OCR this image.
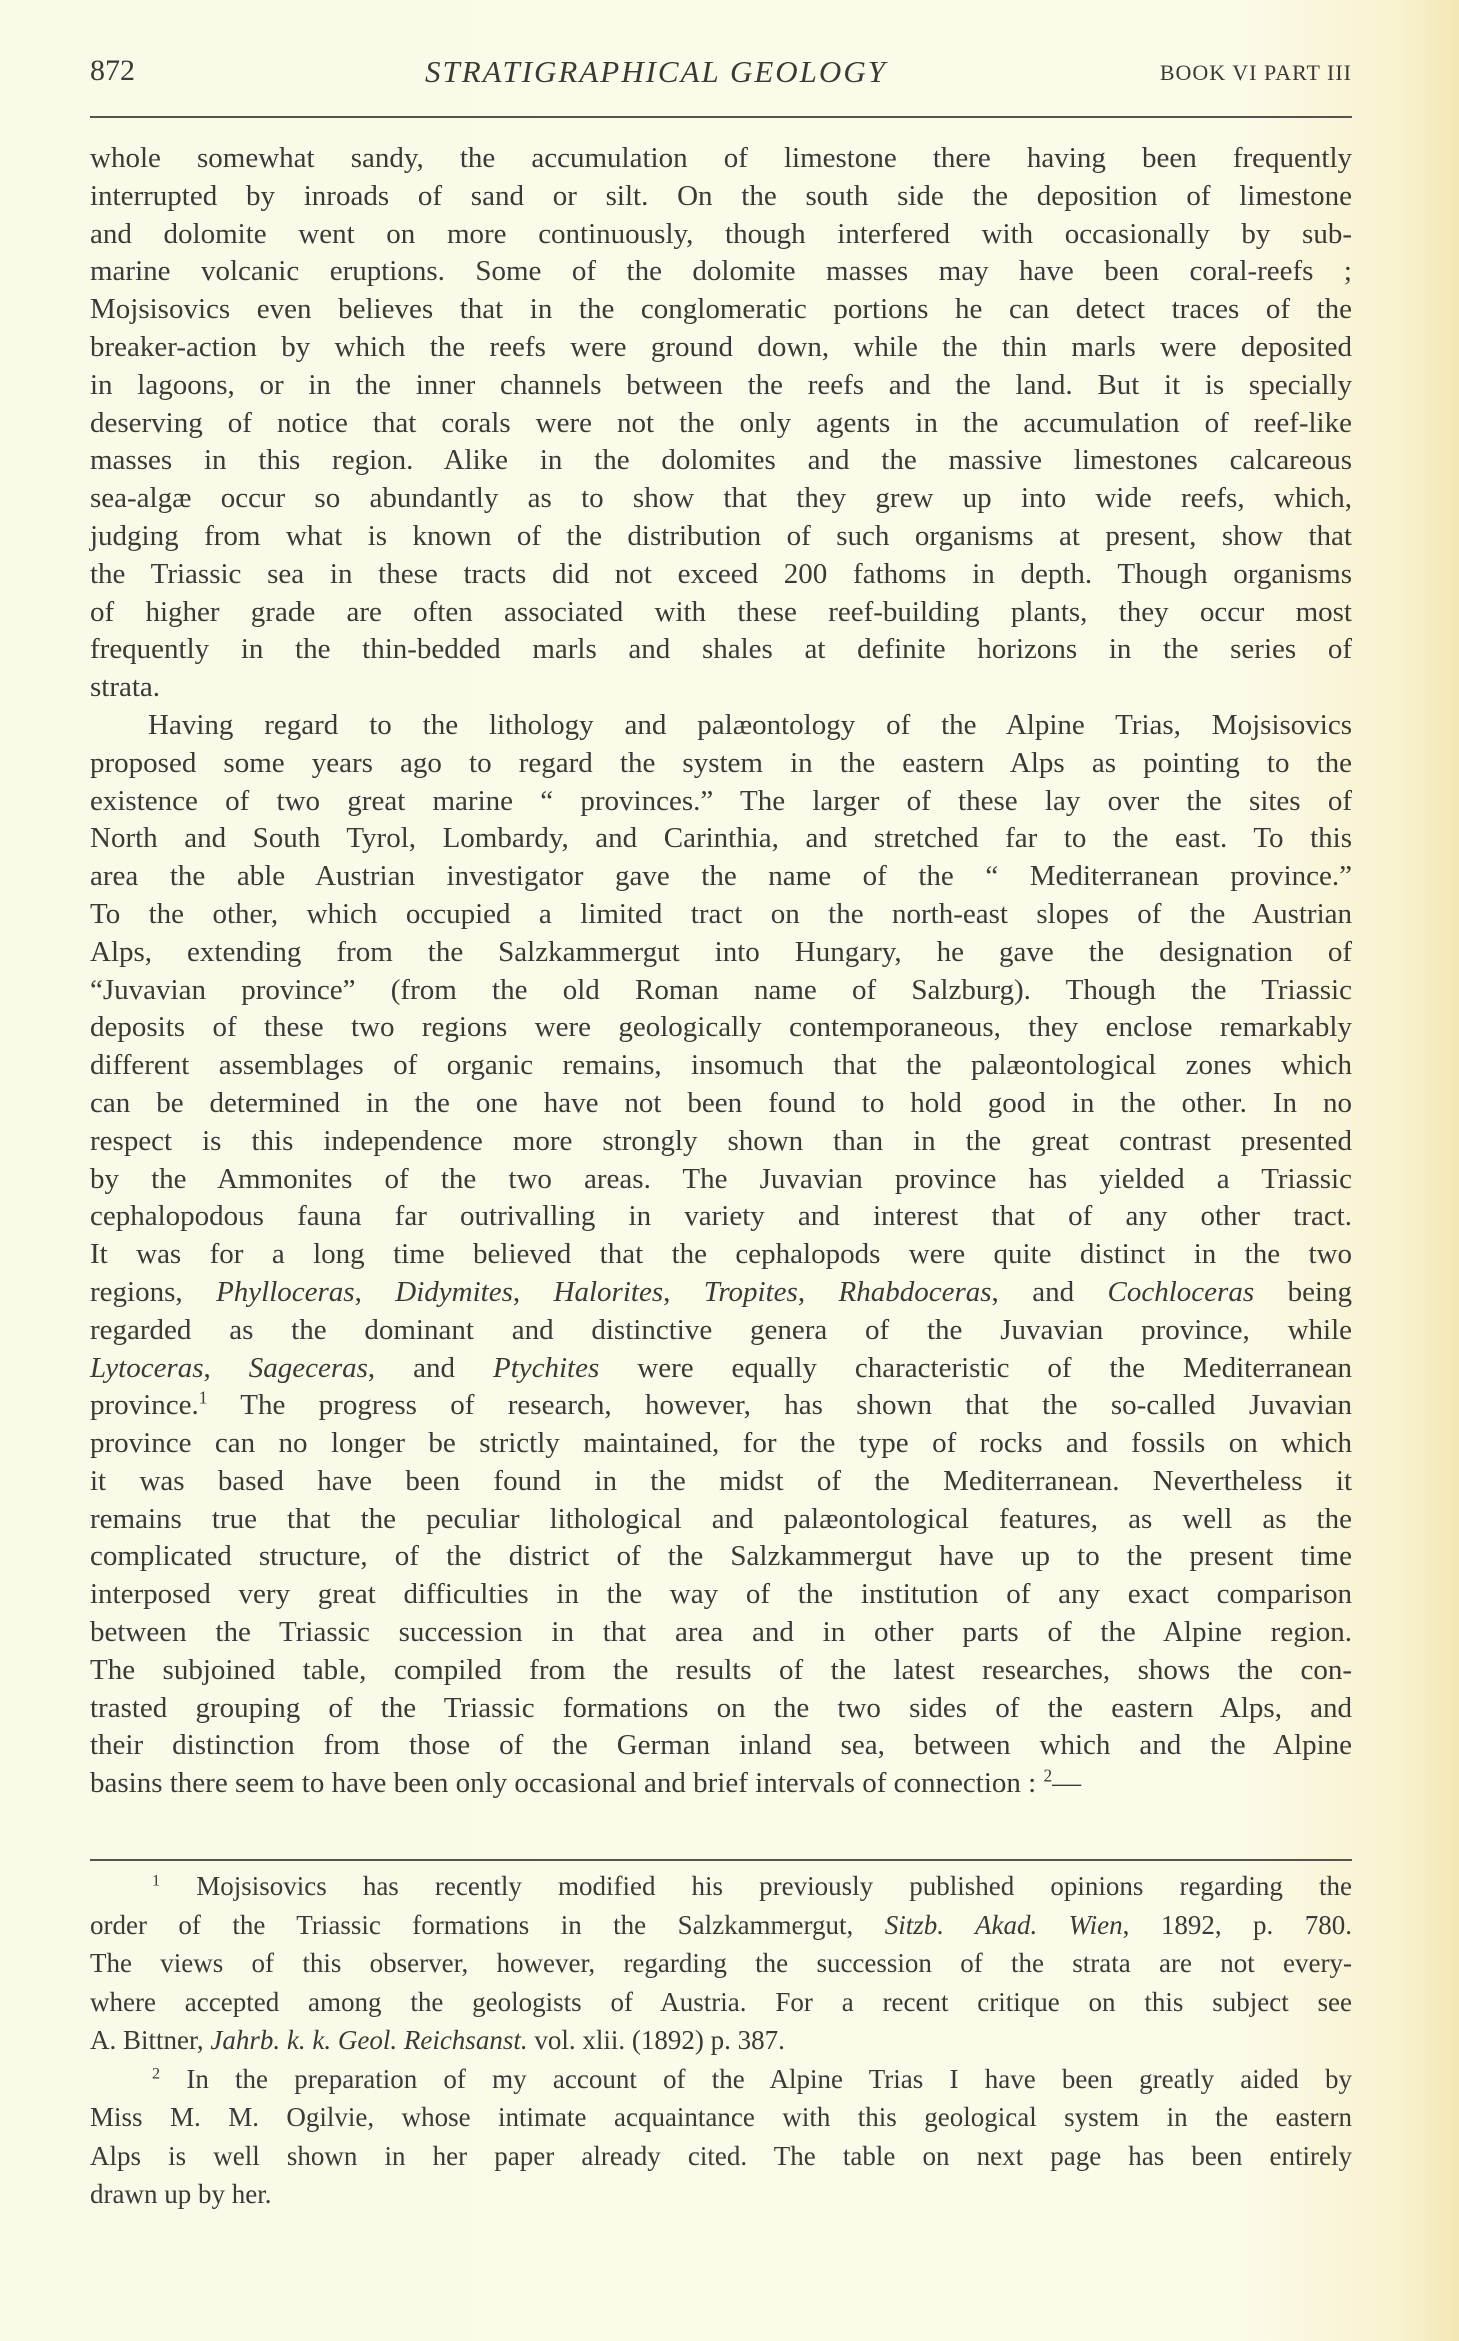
872	STRATIGRAPHICAL GEOLOGY	BOOK VI PART III
whole somewhat sandy, the accumulation of limestone there having been frequently
interrupted by inroads of sand or silt. On the south side the deposition of limestone
and dolomite went on more continuously, though interfered with occasionally by sub-
marine volcanic eruptions. Some of the dolomite masses may have been coral-reefs ;
Mojsisovics even believes that in the conglomeratic portions he can detect traces of the
breaker-action by which the reefs were ground down, while the thin marls were deposited
in lagoons, or in the inner channels between the reefs and the land. But it is specially
deserving of notice that corals were not the only agents in the accumulation of reef-like
masses in this region. Alike in the dolomites and the massive limestones calcareous
sea-algæ occur so abundantly as to show that they grew up into wide reefs, which,
judging from what is known of the distribution of such organisms at present, show that
the Triassic sea in these tracts did not exceed 200 fathoms in depth. Though organisms
of higher grade are often associated with these reef-building plants, they occur most
frequently in the thin-bedded marls and shales at definite horizons in the series of
strata.
Having regard to the lithology and palæontology of the Alpine Trias, Mojsisovics
proposed some years ago to regard the system in the eastern Alps as pointing to the
existence of two great marine “ provinces.” The larger of these lay over the sites of
North and South Tyrol, Lombardy, and Carinthia, and stretched far to the east. To this
area the able Austrian investigator gave the name of the “ Mediterranean province.”
To the other, which occupied a limited tract on the north-east slopes of the Austrian
Alps, extending from the Salzkammergut into Hungary, he gave the designation of
“Juvavian province” (from the old Roman name of Salzburg). Though the Triassic
deposits of these two regions were geologically contemporaneous, they enclose remarkably
different assemblages of organic remains, insomuch that the palæontological zones which
can be determined in the one have not been found to hold good in the other. In no
respect is this independence more strongly shown than in the great contrast presented
by the Ammonites of the two areas. The Juvavian province has yielded a Triassic
cephalopodous fauna far outrivalling in variety and interest that of any other tract.
It was for a long time believed that the cephalopods were quite distinct in the two
regions, Phylloceras, Didymites, Halorites, Tropites, Rhabdoceras, and Cochloceras being
regarded as the dominant and distinctive genera of the Juvavian province, while
Lytoceras, Sageceras, and Ptychites were equally characteristic of the Mediterranean
province.$^1$ The progress of research, however, has shown that the so-called Juvavian
province can no longer be strictly maintained, for the type of rocks and fossils on which
it was based have been found in the midst of the Mediterranean. Nevertheless it
remains true that the peculiar lithological and palæontological features, as well as the
complicated structure, of the district of the Salzkammergut have up to the present time
interposed very great difficulties in the way of the institution of any exact comparison
between the Triassic succession in that area and in other parts of the Alpine region.
The subjoined table, compiled from the results of the latest researches, shows the con-
trasted grouping of the Triassic formations on the two sides of the eastern Alps, and
their distinction from those of the German inland sea, between which and the Alpine
basins there seem to have been only occasional and brief intervals of connection : $^2$—
$^1$ Mojsisovics has recently modified his previously published opinions regarding the
order of the Triassic formations in the Salzkammergut, Sitzb. Akad. Wien, 1892, p. 780.
The views of this observer, however, regarding the succession of the strata are not every-
where accepted among the geologists of Austria. For a recent critique on this subject see
A. Bittner, Jahrb. k. k. Geol. Reichsanst. vol. xlii. (1892) p. 387.
$^2$ In the preparation of my account of the Alpine Trias I have been greatly aided by
Miss M. M. Ogilvie, whose intimate acquaintance with this geological system in the eastern
Alps is well shown in her paper already cited. The table on next page has been entirely
drawn up by her.
